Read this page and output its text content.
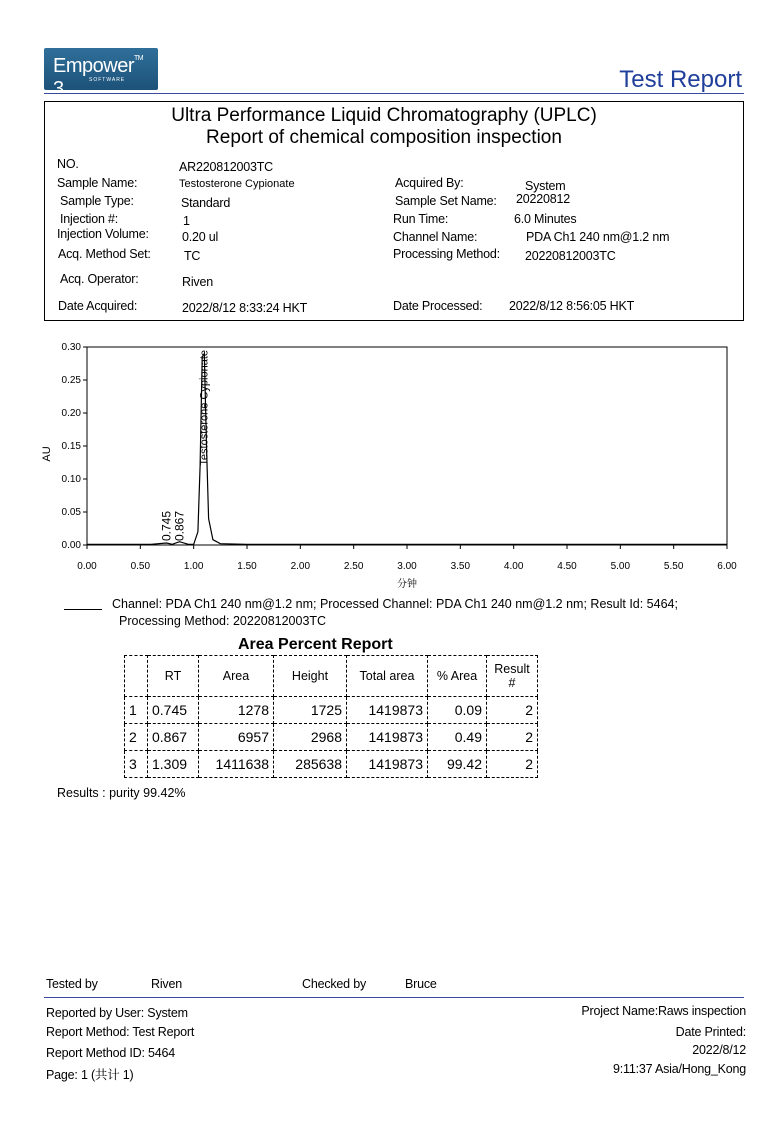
Empower™ 3	SOFTWARE	Test Report
Ultra Performance Liquid Chromatography (UPLC)
Report of chemical composition inspection
NO.	AR220812003TC
Sample Name:	Testosterone Cypionate
Sample Type:	Standard
Injection #:	1
Injection Volume:	0.20 ul
Acq. Method Set:	TC
Acq. Operator:	Riven
Date Acquired:	2022/8/12 8:33:24 HKT
Acquired By:	System
Sample Set Name: 20220812
Run Time:	6.0 Minutes
Channel Name:	PDA Ch1 240 nm@1.2 nm
Processing Method: 20220812003TC
Date Processed: 2022/8/12 8:56:05 HKT
0.00	0.50	1.00	1.50	2.00	2.50	3.00	3.50	4.00	4.50	5.00	5.50	6.00
0.00
0.05
0.10
0.15
0.20
0.25
0.30
分钟
AU
0.745 0.867
Testosterone Cypionate
Channel: PDA Ch1 240 nm@1.2 nm; Processed Channel: PDA Ch1 240 nm@1.2 nm; Result Id: 5464;
Processing Method: 20220812003TC
Area Percent Report
	RT	Area	Height	Total area	% Area	Result
#

1	0.745	1278	1725	1419873	0.09	2
2	0.867	6957	2968	1419873	0.49	2
3	1.309	1411638	285638	1419873	99.42	2
Results : purity 99.42%
Tested by	Riven	Checked by	Bruce
Reported by User: System
Report Method: Test Report
Report Method ID: 5464
Page: 1 (共计 1)
Project Name:Raws inspection
Date Printed:
2022/8/12
9:11:37 Asia/Hong_Kong
